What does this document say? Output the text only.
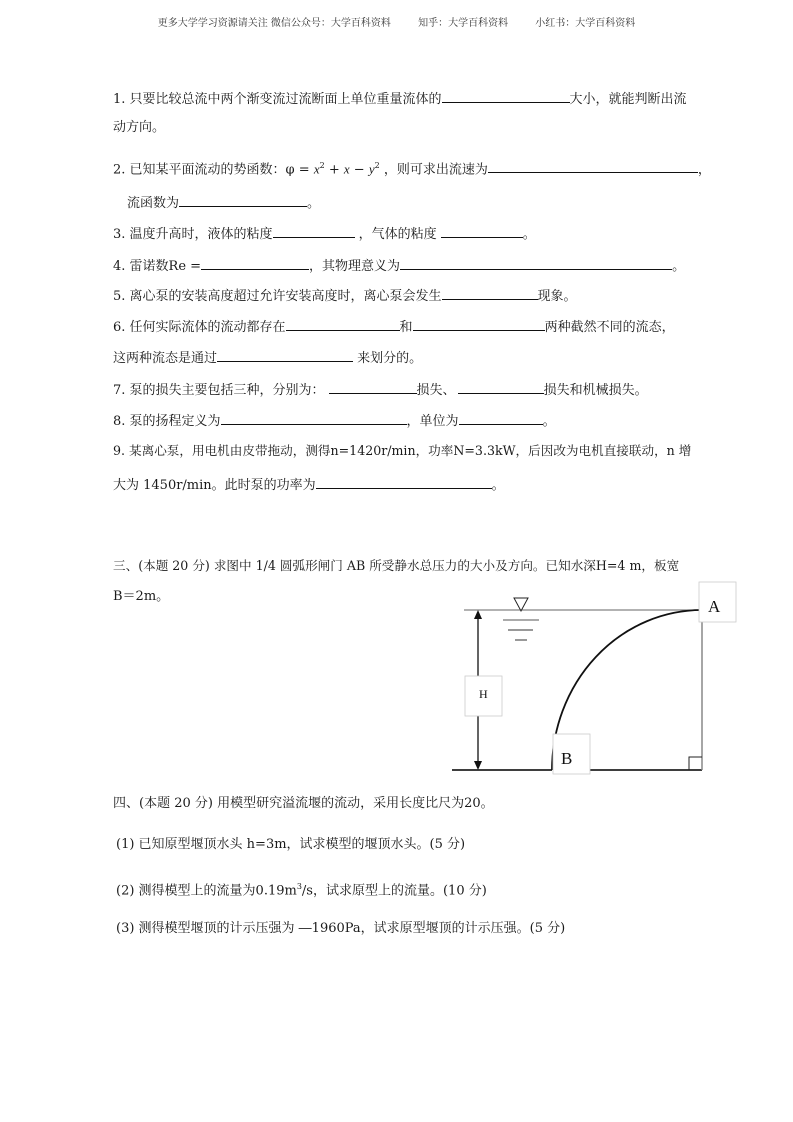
更多大学学习资源请关注 微信公众号：大学百科资料	知乎：大学百科资料	小红书：大学百科资料
1. 只要比较总流中两个渐变流过流断面上单位重量流体的	大小，就能判断出流
动方向。
2. 已知某平面流动的势函数：$\varphi = x^2 + x - y^2$ ，则可求出流速为	，
流函数为	。
3. 温度升高时，液体的粘度	，气体的粘度	。
4. 雷诺数Re =	，其物理意义为	。
5. 离心泵的安装高度超过允许安装高度时，离心泵会发生	现象。
6. 任何实际流体的流动都存在	和	两种截然不同的流态，
这两种流态是通过	来划分的。
7. 泵的损失主要包括三种，分别为：	损失、	损失和机械损失。
8. 泵的扬程定义为	，单位为	。
9. 某离心泵，用电机由皮带拖动，测得n=1420r/min，功率N=3.3kW，后因改为电机直接联动，n 增
大为 1450r/min。此时泵的功率为	。
三、(本题 20 分) 求图中 1/4 圆弧形闸门 AB 所受静水总压力的大小及方向。已知水深H=4 m，板宽
B＝2m。
H
A
B
四、(本题 20 分) 用模型研究溢流堰的流动，采用长度比尺为20。
(1) 已知原型堰顶水头 h=3m，试求模型的堰顶水头。(5 分)
(2) 测得模型上的流量为$0.19m^3/s$，试求原型上的流量。(10 分)
(3) 测得模型堰顶的计示压强为 ―1960Pa，试求原型堰顶的计示压强。(5 分)
